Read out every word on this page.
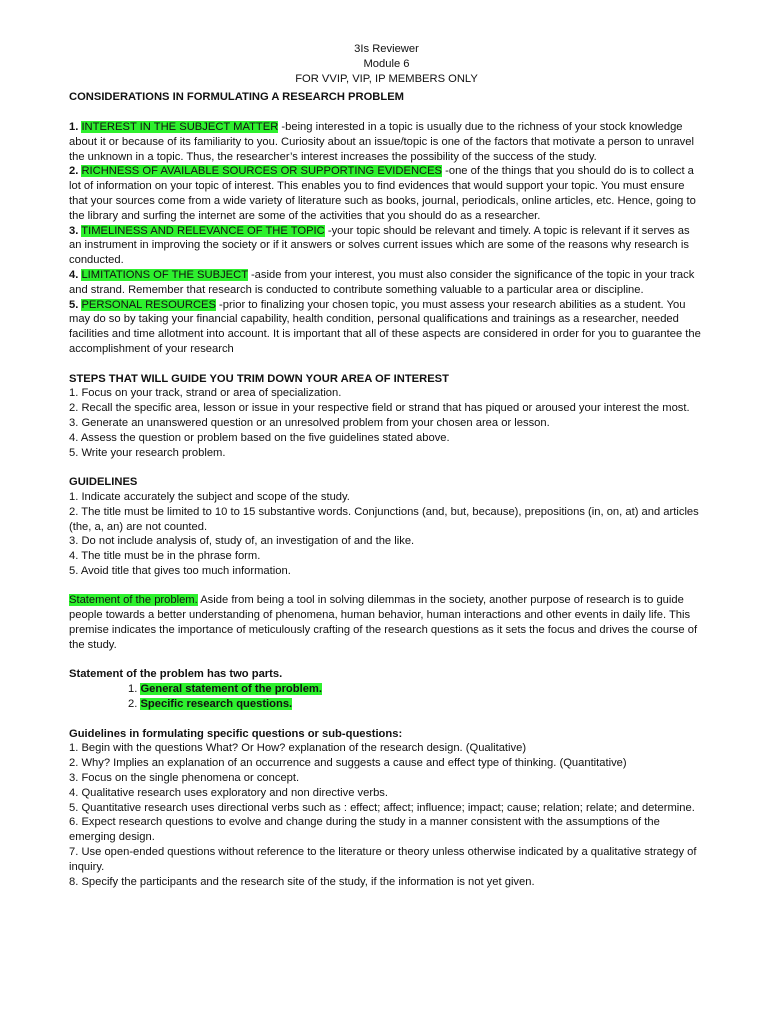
3Is Reviewer
Module 6
FOR VVIP, VIP, IP MEMBERS ONLY

CONSIDERATIONS IN FORMULATING A RESEARCH PROBLEM

1. INTEREST IN THE SUBJECT MATTER -being interested in a topic is usually due to the richness of your stock knowledge about it or because of its familiarity to you. Curiosity about an issue/topic is one of the factors that motivate a person to unravel the unknown in a topic. Thus, the researcher’s interest increases the possibility of the success of the study.

2. RICHNESS OF AVAILABLE SOURCES OR SUPPORTING EVIDENCES -one of the things that you should do is to collect a lot of information on your topic of interest. This enables you to find evidences that would support your topic. You must ensure that your sources come from a wide variety of literature such as books, journal, periodicals, online articles, etc. Hence, going to the library and surfing the internet are some of the activities that you should do as a researcher.

3. TIMELINESS AND RELEVANCE OF THE TOPIC -your topic should be relevant and timely. A topic is relevant if it serves as an instrument in improving the society or if it answers or solves current issues which are some of the reasons why research is conducted.

4. LIMITATIONS OF THE SUBJECT -aside from your interest, you must also consider the significance of the topic in your track and strand. Remember that research is conducted to contribute something valuable to a particular area or discipline.

5. PERSONAL RESOURCES -prior to finalizing your chosen topic, you must assess your research abilities as a student. You may do so by taking your financial capability, health condition, personal qualifications and trainings as a researcher, needed facilities and time allotment into account. It is important that all of these aspects are considered in order for you to guarantee the accomplishment of your research

STEPS THAT WILL GUIDE YOU TRIM DOWN YOUR AREA OF INTEREST

1. Focus on your track, strand or area of specialization.

2. Recall the specific area, lesson or issue in your respective field or strand that has piqued or aroused your interest the most.

3. Generate an unanswered question or an unresolved problem from your chosen area or lesson.

4. Assess the question or problem based on the five guidelines stated above.

5. Write your research problem.

GUIDELINES

1. Indicate accurately the subject and scope of the study.

2. The title must be limited to 10 to 15 substantive words. Conjunctions (and, but, because), prepositions (in, on, at) and articles (the, a, an) are not counted.

3. Do not include analysis of, study of, an investigation of and the like.

4. The title must be in the phrase form.

5. Avoid title that gives too much information.

Statement of the problem. Aside from being a tool in solving dilemmas in the society, another purpose of research is to guide people towards a better understanding of phenomena, human behavior, human interactions and other events in daily life. This premise indicates the importance of meticulously crafting of the research questions as it sets the focus and drives the course of the study.

Statement of the problem has two parts.

1. General statement of the problem.
2. Specific research questions.

Guidelines in formulating specific questions or sub-questions:

1. Begin with the questions What? Or How? explanation of the research design. (Qualitative)

2. Why? Implies an explanation of an occurrence and suggests a cause and effect type of thinking. (Quantitative)

3. Focus on the single phenomena or concept.

4. Qualitative research uses exploratory and non directive verbs.

5. Quantitative research uses directional verbs such as : effect; affect; influence; impact; cause; relation; relate; and determine.

6. Expect research questions to evolve and change during the study in a manner consistent with the assumptions of the emerging design.

7. Use open-ended questions without reference to the literature or theory unless otherwise indicated by a qualitative strategy of inquiry.

8. Specify the participants and the research site of the study, if the information is not yet given.
